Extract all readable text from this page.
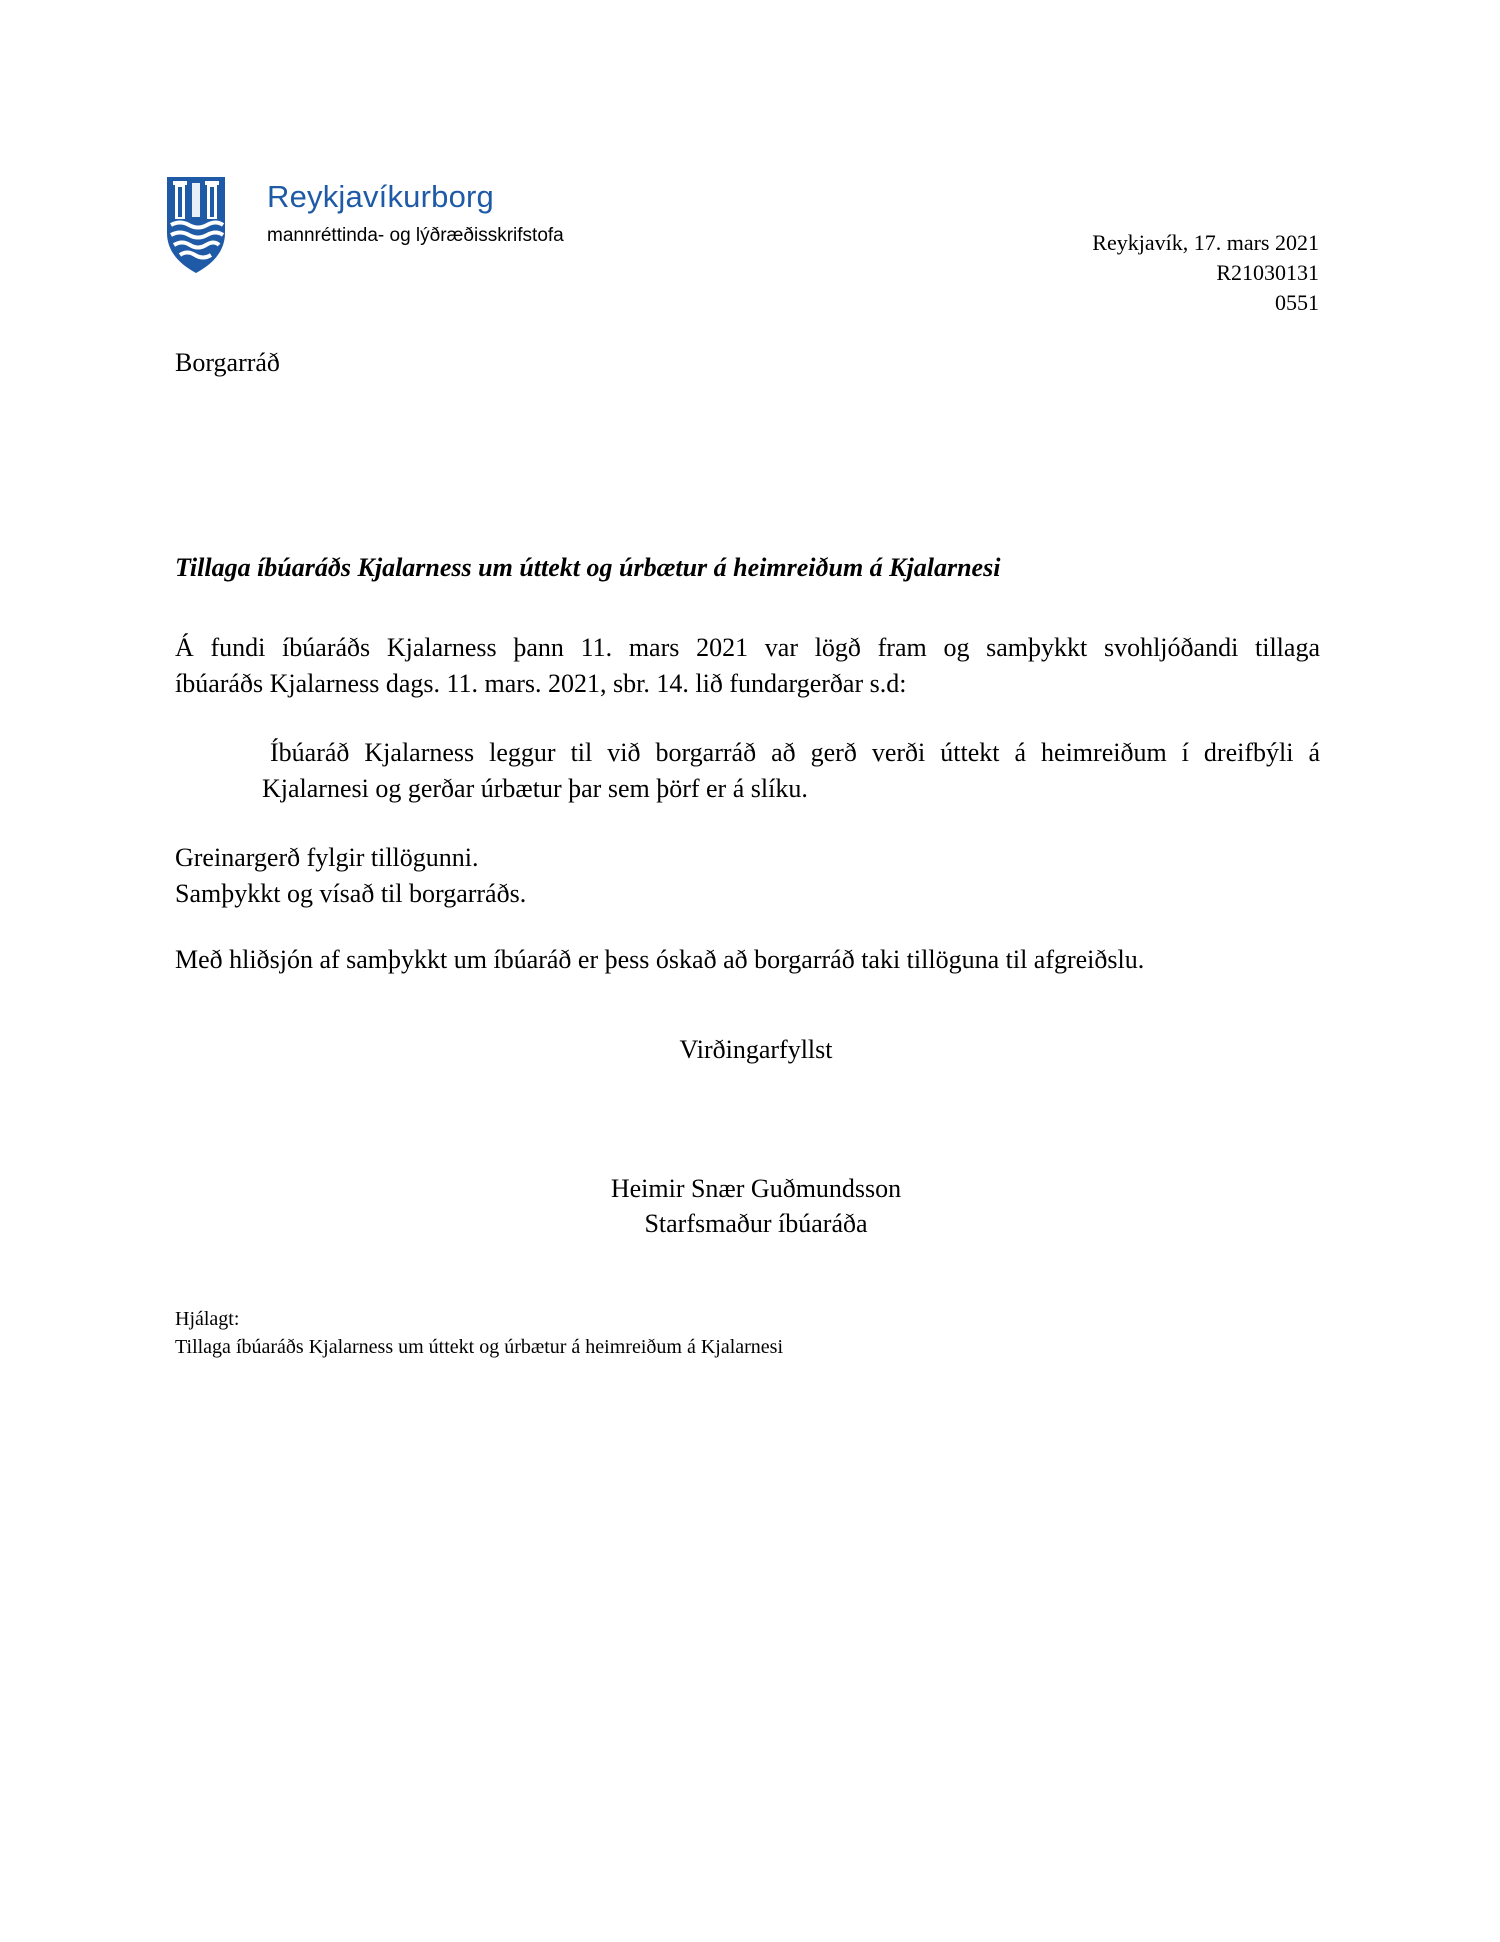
Reykjavíkurborg
mannréttinda- og lýðræðisskrifstofa	Reykjavík, 17. mars 2021
R21030131
0551
Borgarráð
Tillaga íbúaráðs Kjalarness um úttekt og úrbætur á heimreiðum á Kjalarnesi
Á fundi íbúaráðs Kjalarness þann 11. mars 2021 var lögð fram og samþykkt svohljóðandi tillaga
íbúaráðs Kjalarness dags. 11. mars. 2021, sbr. 14. lið fundargerðar s.d:
Íbúaráð Kjalarness leggur til við borgarráð að gerð verði úttekt á heimreiðum í dreifbýli á
Kjalarnesi og gerðar úrbætur þar sem þörf er á slíku.
Greinargerð fylgir tillögunni.
Samþykkt og vísað til borgarráðs.
Með hliðsjón af samþykkt um íbúaráð er þess óskað að borgarráð taki tillöguna til afgreiðslu.
Virðingarfyllst
Heimir Snær Guðmundsson
Starfsmaður íbúaráða
Hjálagt:
Tillaga íbúaráðs Kjalarness um úttekt og úrbætur á heimreiðum á Kjalarnesi
